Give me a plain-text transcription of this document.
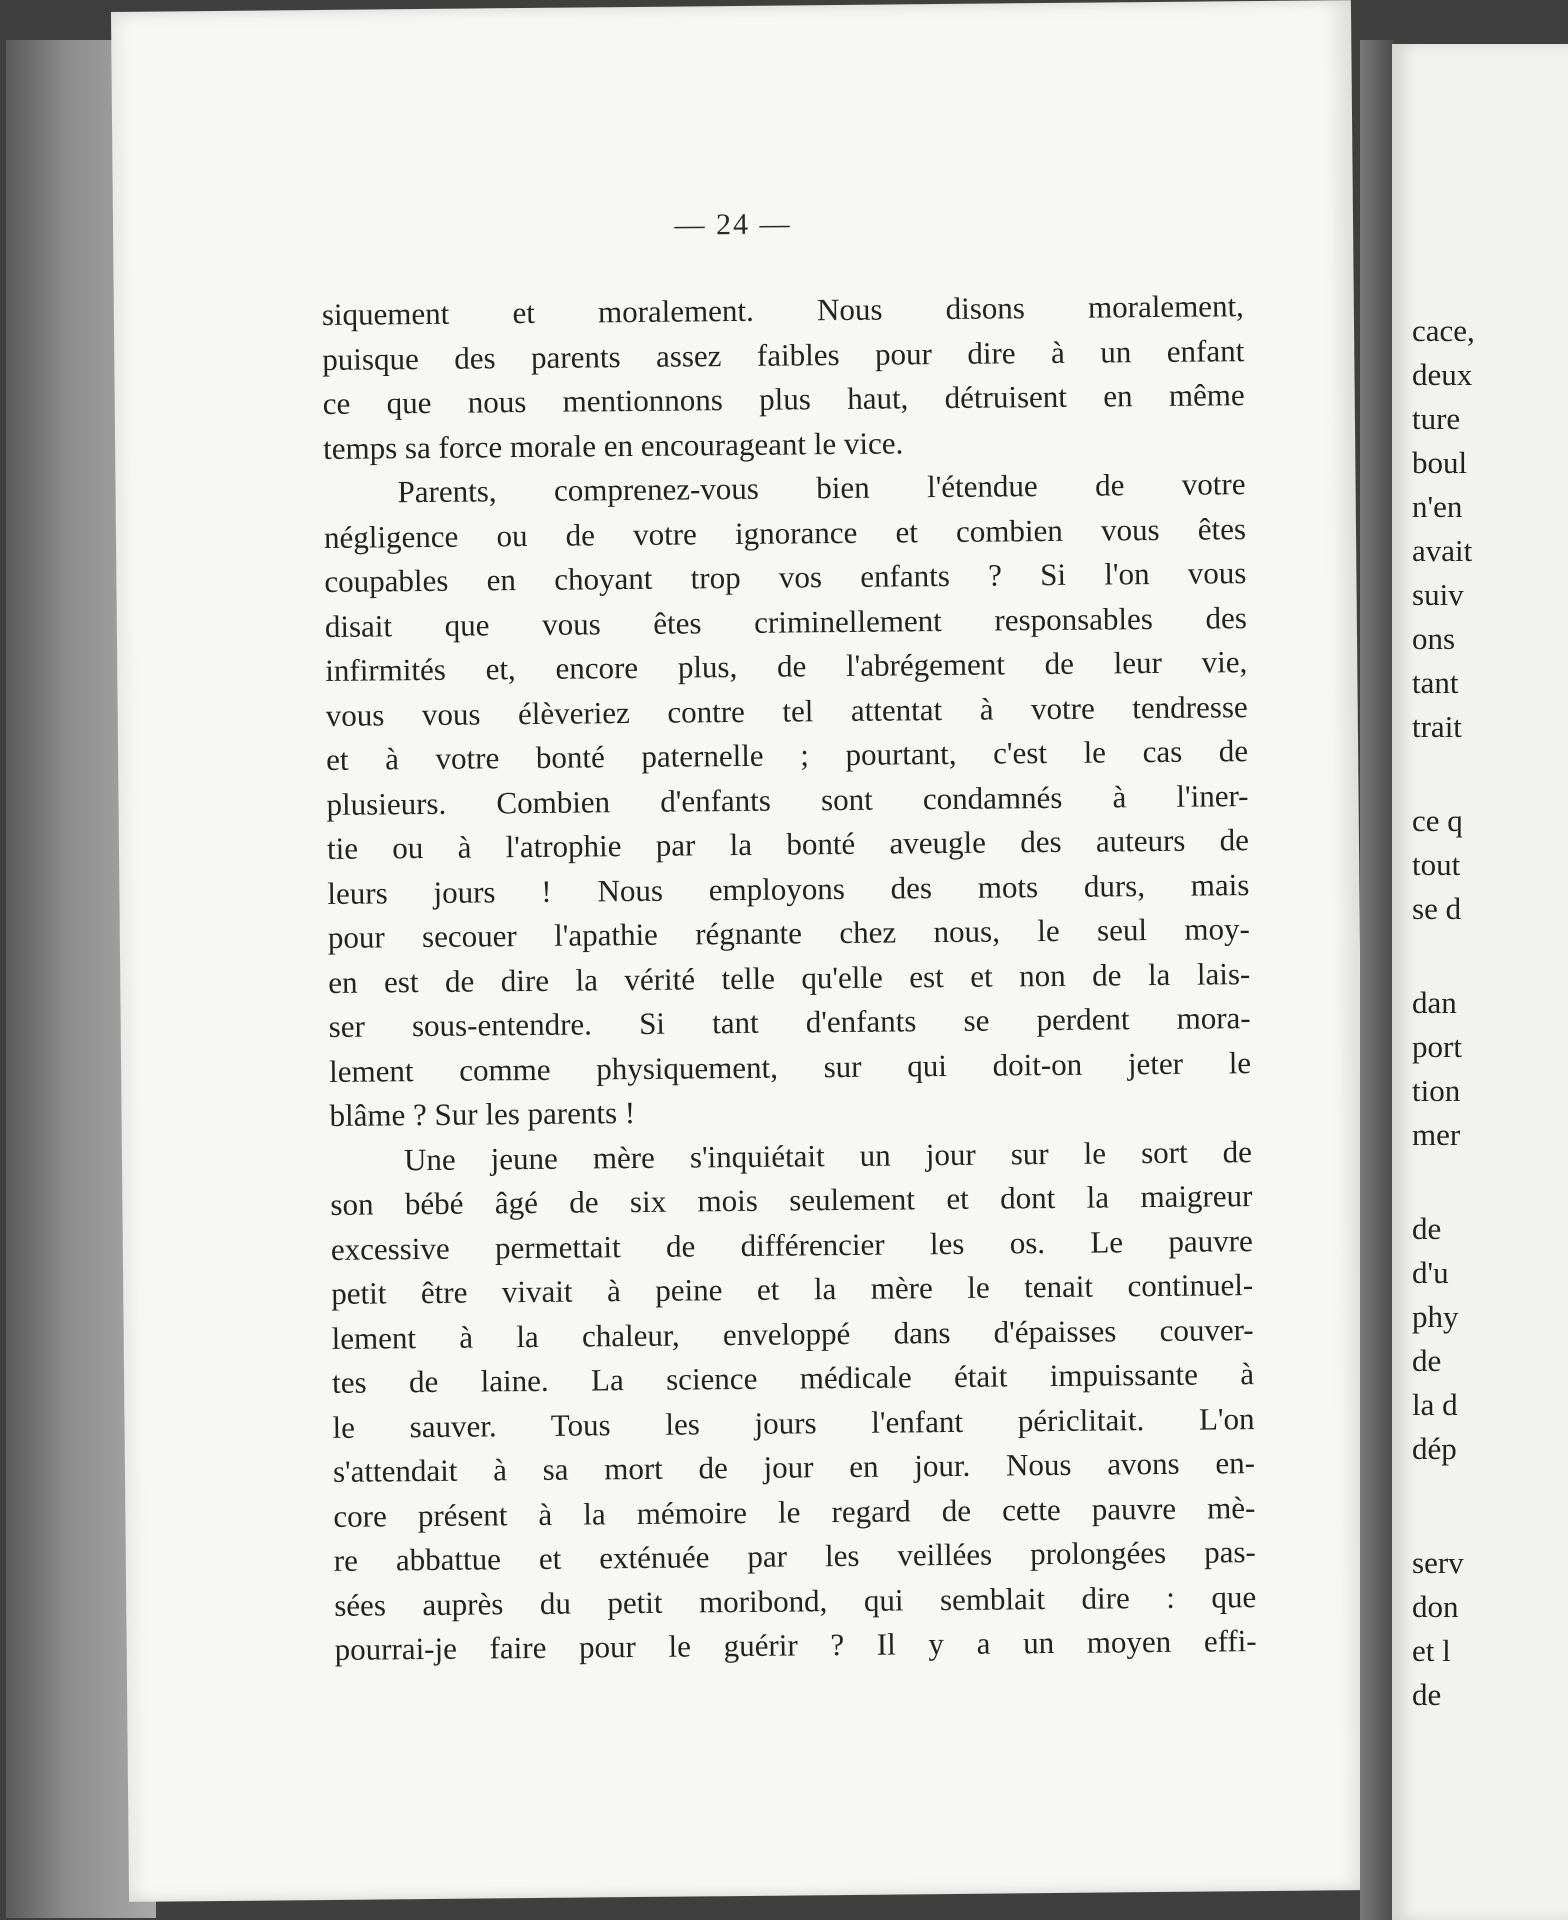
— 24 —
siquement et moralement. Nous disons moralement,
puisque des parents assez faibles pour dire à un enfant
ce que nous mentionnons plus haut, détruisent en même
temps sa force morale en encourageant le vice.
Parents, comprenez-vous bien l'étendue de votre
négligence ou de votre ignorance et combien vous êtes
coupables en choyant trop vos enfants ? Si l'on vous
disait que vous êtes criminellement responsables des
infirmités et, encore plus, de l'abrégement de leur vie,
vous vous élèveriez contre tel attentat à votre tendresse
et à votre bonté paternelle ; pourtant, c'est le cas de
plusieurs. Combien d'enfants sont condamnés à l'iner-
tie ou à l'atrophie par la bonté aveugle des auteurs de
leurs jours ! Nous employons des mots durs, mais
pour secouer l'apathie régnante chez nous, le seul moy-
en est de dire la vérité telle qu'elle est et non de la lais-
ser sous-entendre. Si tant d'enfants se perdent mora-
lement comme physiquement, sur qui doit-on jeter le
blâme ? Sur les parents !
Une jeune mère s'inquiétait un jour sur le sort de
son bébé âgé de six mois seulement et dont la maigreur
excessive permettait de différencier les os. Le pauvre
petit être vivait à peine et la mère le tenait continuel-
lement à la chaleur, enveloppé dans d'épaisses couver-
tes de laine. La science médicale était impuissante à
le sauver. Tous les jours l'enfant périclitait. L'on
s'attendait à sa mort de jour en jour. Nous avons en-
core présent à la mémoire le regard de cette pauvre mè-
re abbattue et exténuée par les veillées prolongées pas-
sées auprès du petit moribond, qui semblait dire : que
pourrai-je faire pour le guérir ? Il y a un moyen effi-
cace,
deux
ture
boul
n'en
avait
suiv
ons
tant
trait
ce q
tout
se d
dan
port
tion
mer
de
d'u
phy
de
la d
dép
serv
don
et l
de
